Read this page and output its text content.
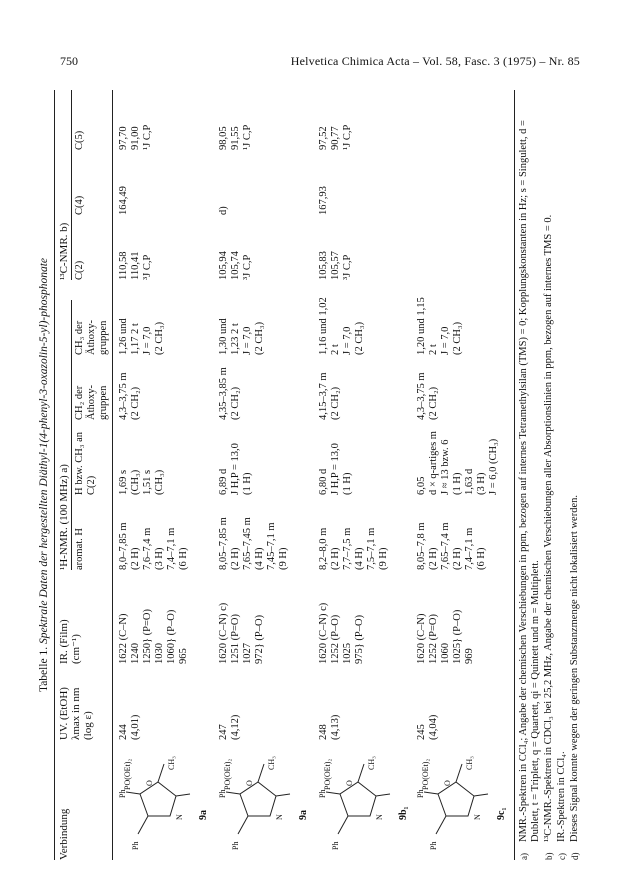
750	Helvetica Chimica Acta – Vol. 58, Fasc. 3 (1975) – Nr. 85
Tabelle 1. Spektrale Daten der hergestellten Diäthyl-1(4-phenyl-3-oxazolin-5-yl)-phosphonate
Verbindung
UV. (EtOH) λmax in nm (log ε)
IR. (Film) (cm⁻¹)
¹H-NMR. (100 MHz) a) aromat. H
H bzw. CH₃ an C(2)
CH₂ der Äthoxy-gruppen
CH₃ der Äthoxy-gruppen
¹³C-NMR. b) C(2)
C(4)
C(5)
Ph
Ph
PO(OEt)₂
N
O
CH₃
9a
244 (4,01)
1622 (C–N) 1240 1250} (P=O) 1030 1060} (P–O) 965
8,0–7,85 m (2 H) 7,6–7,4 m (3 H) 7,4–7,1 m (6 H)
1,69 s (CH₃) 1,51 s (CH₃)
4,3–3,75 m (2 CH₂)
1,26 und 1,17 2 t J = 7,0 (2 CH₃)
110,58 110,41 ³J C,P
164,49
97,70 91,00 ¹J C,P
Ph
Ph
PO(OEt)₂
N
O
CH₃
9a
247 (4,12)
1620 (C–N) c) 1251 (P=O) 1027 972} (P–O)
8,05–7,85 m (2 H) 7,65–7,45 m (4 H) 7,45–7,1 m (9 H)
6,89 d J H,P = 13,0 (1 H)
4,35–3,85 m (2 CH₂)
1,30 und 1,23 2 t J = 7,0 (2 CH₃)
105,94 105,74 ³J C,P
d)
98,05 91,55 ¹J C,P
Ph
Ph
PO(OEt)₂
N
O
CH₃
9b₁
248 (4,13)
1620 (C–N) c) 1252 (P–O) 1025 975} (P–O)
8,2–8,0 m (2 H) 7,7–7,5 m (4 H) 7,5–7,1 m (9 H)
6,80 d J H,P = 13,0 (1 H)
4,15–3,7 m (2 CH₂)
1,16 und 1,02 2 t J = 7,0 (2 CH₃)
105,83 105,57 ³J C,P
167,93
97,52 90,77 ¹J C,P
Ph
Ph
PO(OEt)₂
N
O
CH₃
9c₁
245 (4,04)
1620 (C–N) 1252 (P=O) 1060 1025} (P–O) 969
8,05–7,8 m (2 H) 7,65–7,4 m (2 H) 7,4–7,1 m (6 H)
6,05 d × q-artiges m J ≈ 13 bzw. 6 (1 H) 1,63 d (3 H) J = 6,0 (CH₃)
4,3–3,75 m (2 CH₂)
1,20 und 1,15 2 t J = 7,0 (2 CH₃)
a)
NMR.-Spektren in CCl₄; Angabe der chemischen Verschiebungen in ppm, bezogen auf internes Tetramethylsilan (TMS) = 0; Kopplungskonstanten in Hz; s = Singulett, d = Dublett, t = Triplett, q = Quartett, qi = Quintett und m = Multiplett.
b)
¹³C-NMR.-Spektren in CDCl₃ bei 25,2 MHz, Angabe der chemischen Verschiebungen aller Absorptionslinien in ppm, bezogen auf internes TMS = 0.
c)
IR.-Spektren in CCl₄.
d)
Dieses Signal konnte wegen der geringen Substanzmenge nicht lokalisiert werden.
